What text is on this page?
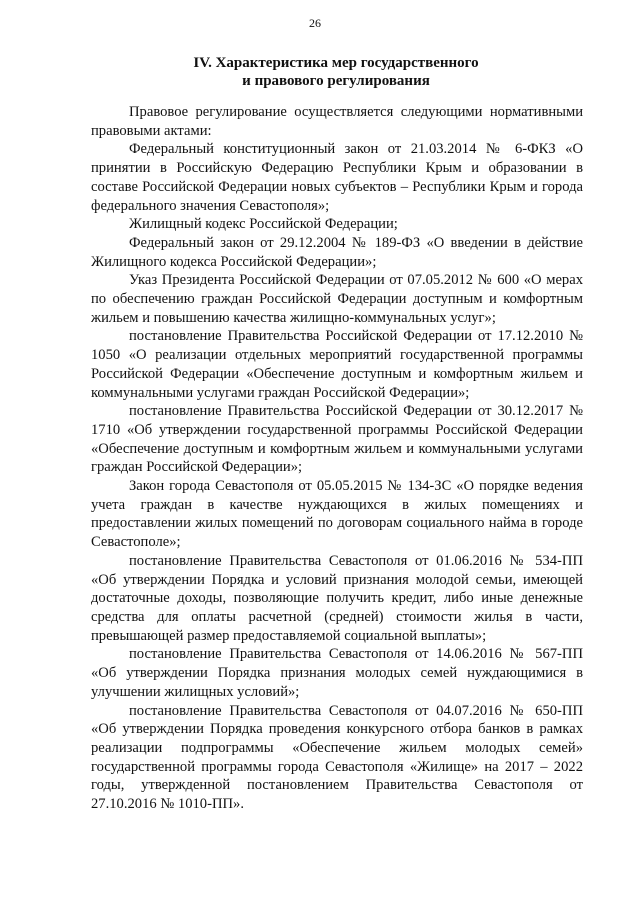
26
IV. Характеристика мер государственного
и правового регулирования

Правовое регулирование осуществляется следующими нормативными правовыми актами:

Федеральный конституционный закон от 21.03.2014 № 6-ФКЗ «О принятии в Российскую Федерацию Республики Крым и образовании в составе Российской Федерации новых субъектов – Республики Крым и города федерального значения Севастополя»;

Жилищный кодекс Российской Федерации;

Федеральный закон от 29.12.2004 № 189-ФЗ «О введении в действие Жилищного кодекса Российской Федерации»;

Указ Президента Российской Федерации от 07.05.2012 № 600 «О мерах по обеспечению граждан Российской Федерации доступным и комфортным жильем и повышению качества жилищно-коммунальных услуг»;

постановление Правительства Российской Федерации от 17.12.2010 № 1050 «О реализации отдельных мероприятий государственной программы Российской Федерации «Обеспечение доступным и комфортным жильем и коммунальными услугами граждан Российской Федерации»;

постановление Правительства Российской Федерации от 30.12.2017 № 1710 «Об утверждении государственной программы Российской Федерации «Обеспечение доступным и комфортным жильем и коммунальными услугами граждан Российской Федерации»;

Закон города Севастополя от 05.05.2015 № 134-ЗС «О порядке ведения учета граждан в качестве нуждающихся в жилых помещениях и предоставлении жилых помещений по договорам социального найма в городе Севастополе»;

постановление Правительства Севастополя от 01.06.2016 № 534-ПП «Об утверждении Порядка и условий признания молодой семьи, имеющей достаточные доходы, позволяющие получить кредит, либо иные денежные средства для оплаты расчетной (средней) стоимости жилья в части, превышающей размер предоставляемой социальной выплаты»;

постановление Правительства Севастополя от 14.06.2016 № 567-ПП «Об утверждении Порядка признания молодых семей нуждающимися в улучшении жилищных условий»;

постановление Правительства Севастополя от 04.07.2016 № 650-ПП «Об утверждении Порядка проведения конкурсного отбора банков в рамках реализации подпрограммы «Обеспечение жильем молодых семей» государственной программы города Севастополя «Жилище» на 2017 – 2022 годы, утвержденной постановлением Правительства Севастополя от 27.10.2016 № 1010-ПП».
